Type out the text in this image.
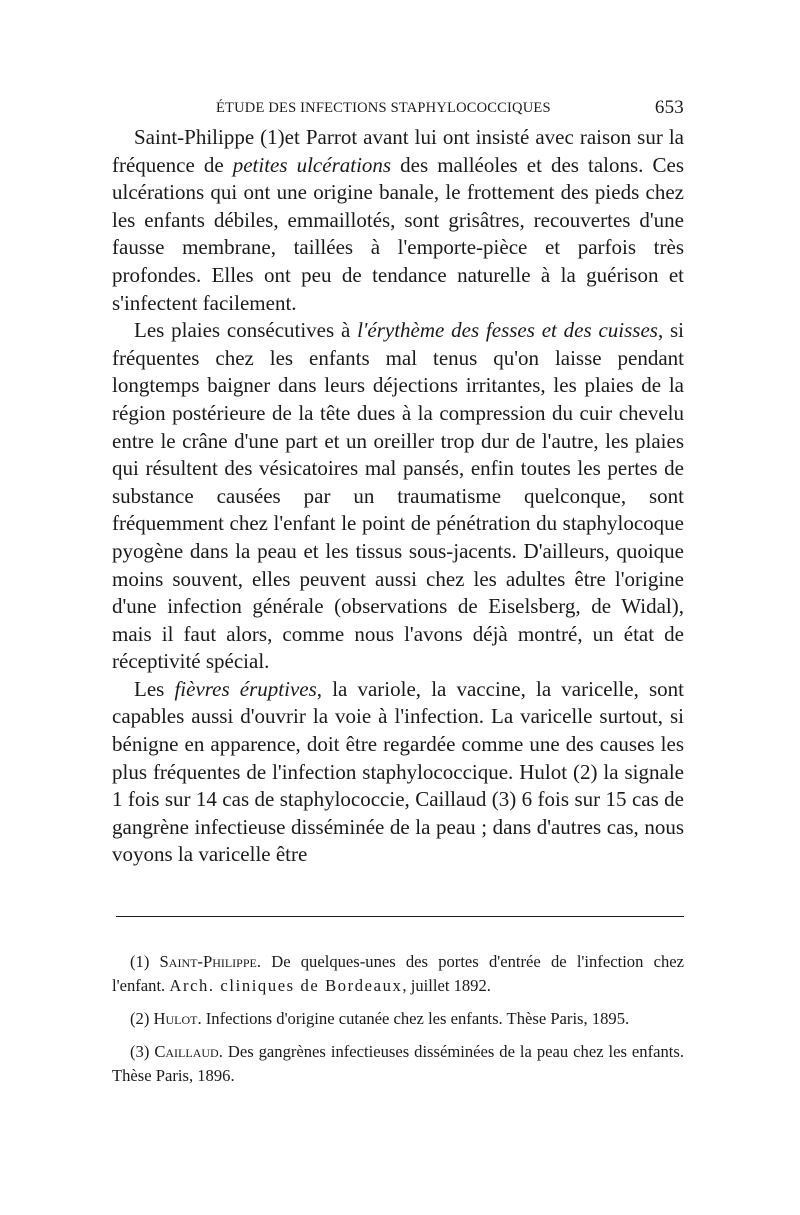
ÉTUDE DES INFECTIONS STAPHYLOCOCCIQUES	653

Saint-Philippe (1)et Parrot avant lui ont insisté avec raison sur la fréquence de petites ulcérations des malléoles et des talons. Ces ulcérations qui ont une origine banale, le frottement des pieds chez les enfants débiles, emmaillotés, sont grisâtres, recouvertes d'une fausse membrane, taillées à l'emporte-pièce et parfois très profondes. Elles ont peu de tendance naturelle à la guérison et s'infectent facilement.

Les plaies consécutives à l'érythème des fesses et des cuisses, si fréquentes chez les enfants mal tenus qu'on laisse pendant longtemps baigner dans leurs déjections irritantes, les plaies de la région postérieure de la tête dues à la compression du cuir chevelu entre le crâne d'une part et un oreiller trop dur de l'autre, les plaies qui résultent des vésicatoires mal pansés, enfin toutes les pertes de substance causées par un traumatisme quelconque, sont fréquemment chez l'enfant le point de pénétration du staphylocoque pyogène dans la peau et les tissus sous-jacents. D'ailleurs, quoique moins souvent, elles peuvent aussi chez les adultes être l'origine d'une infection générale (observations de Eiselsberg, de Widal), mais il faut alors, comme nous l'avons déjà montré, un état de réceptivité spécial.

Les fièvres éruptives, la variole, la vaccine, la varicelle, sont capables aussi d'ouvrir la voie à l'infection. La varicelle surtout, si bénigne en apparence, doit être regardée comme une des causes les plus fréquentes de l'infection staphylococcique. Hulot (2) la signale 1 fois sur 14 cas de staphylococcie, Caillaud (3) 6 fois sur 15 cas de gangrène infectieuse disséminée de la peau ; dans d'autres cas, nous voyons la varicelle être

(1) Saint-Philippe. De quelques-unes des portes d'entrée de l'infection chez l'enfant. Arch. cliniques de Bordeaux, juillet 1892.

(2) Hulot. Infections d'origine cutanée chez les enfants. Thèse Paris, 1895.

(3) Caillaud. Des gangrènes infectieuses disséminées de la peau chez les enfants. Thèse Paris, 1896.
